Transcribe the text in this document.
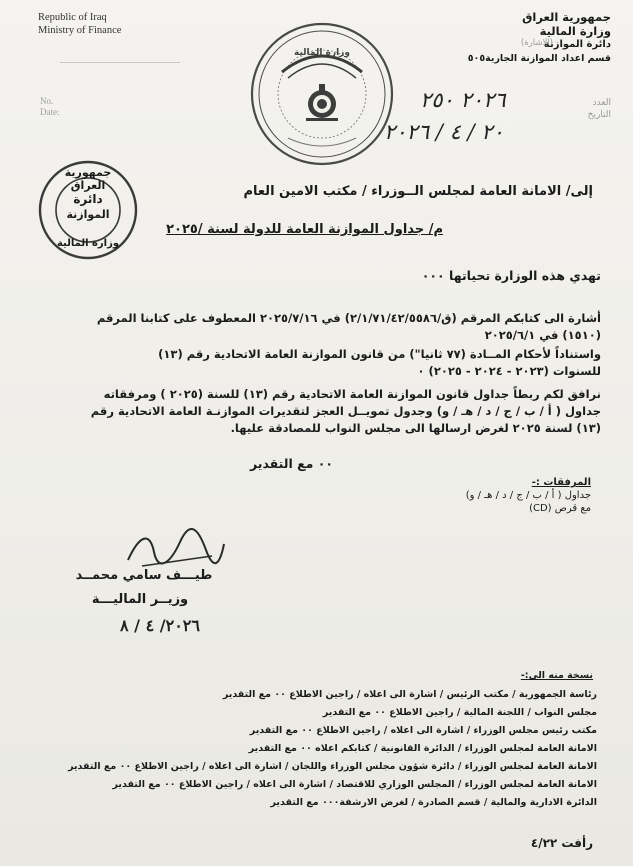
Republic of Iraq
Ministry of Finance
No.
Date:
جمهورية العراق
وزارة المالية
دائرة الموازنة
قسم اعداد الموازنة الجارية٥٠٥
(الاشارة)
العدد
التاريخ
وزارة المالية
٢٠٢٦ ٢٥٠
٢٠ / ٤ / ٢٠٢٦
جمهورية العراق
دائرة
الموازنة
وزارة المالية
إلى/ الامانة العامة لمجلس الــوزراء / مكتب الامين العام
م/ جداول الموازنة العامة للدولة لسنة /٢٠٢٥
تهدي هذه الوزارة تحياتها ٠٠٠
أشارة الى كتابكم المرقم (ق/٢/١/٧١/٤٢/٥٥٨٦) في ٢٠٢٥/٧/١٦ المعطوف على كتابنا المرقم
(١٥١٠) في ٢٠٢٥/٦/١
واستناداً لأحكام المــادة (٧٧ ثانيا") من قانون الموازنة العامة الاتحادية رقم (١٣)
للسنوات (٢٠٢٣ - ٢٠٢٤ - ٢٠٢٥) ٠
نرافق لكم ربطاً جداول قانون الموازنة العامة الاتحادية رقم (١٣) للسنة (٢٠٢٥ ) ومرفقاته
جداول ( أ / ب / ج / د / هـ / و) وجدول تمويــل العجز لتقديرات الموازنـة العامة الاتحادية رقم
(١٣) لسنة ٢٠٢٥ لغرض ارسالها الى مجلس النواب للمصادقة عليها.
٠٠ مع التقدير
المرفقات :-
جداول ( أ / ب / ج / د / هـ / و)
مع قرص (CD)
طيـــف سامي محمــد
وزيــر الماليـــة
٢٠٢٦/ ٤ / ٨
نسخة منه الى:-
رئاسة الجمهورية / مكتب الرئيس / اشارة الى اعلاه / راجين الاطلاع ٠٠ مع التقدير
مجلس النواب / اللجنة المالية / راجين الاطلاع ٠٠ مع التقدير
مكتب رئيس مجلس الوزراء / اشارة الى اعلاه / راجين الاطلاع ٠٠ مع التقدير
الامانة العامة لمجلس الوزراء / الدائرة القانونية / كتابكم اعلاه ٠٠ مع التقدير
الامانة العامة لمجلس الوزراء / دائرة شؤون مجلس الوزراء واللجان / اشارة الى اعلاه / راجين الاطلاع ٠٠ مع التقدير
الامانة العامة لمجلس الوزراء / المجلس الوزاري للاقتصاد / اشارة الى اعلاه / راجين الاطلاع ٠٠ مع التقدير
الدائرة الادارية والمالية / قسم الصادرة / لغرض الارشفة٠٠٠ مع التقدير
رأفت ٤/٢٢
